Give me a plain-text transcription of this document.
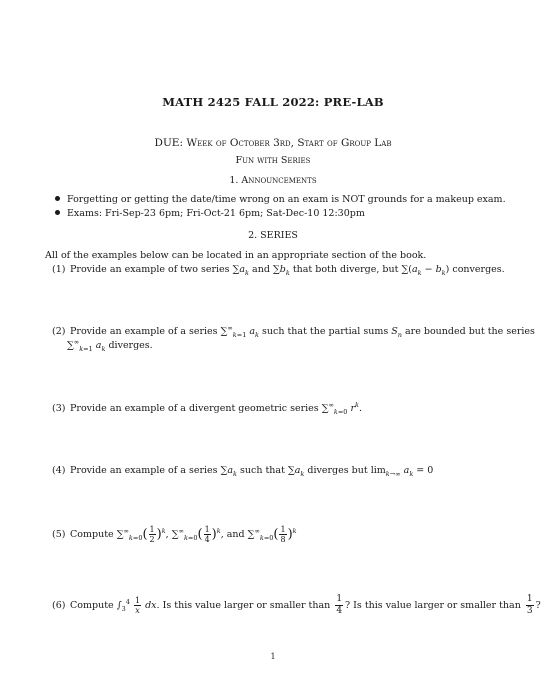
MATH 2425 FALL 2022: PRE-LAB
DUE: Week of October 3rd, Start of Group Lab
Fun with Series
1. Announcements
Forgetting or getting the date/time wrong on an exam is NOT grounds for a makeup exam.
Exams: Fri-Sep-23 6pm; Fri-Oct-21 6pm; Sat-Dec-10 12:30pm
2. SERIES
All of the examples below can be located in an appropriate section of the book.
(1) Provide an example of two series $\sum a_k$ and $\sum b_k$ that both diverge, but $\sum(a_k - b_k)$ converges.
(2) Provide an example of a series $\sum^\infty_{k=1}$ $a_k$ such that the partial sums $S_n$ are bounded but the series
$\sum^\infty_{k=1}$ $a_k$ diverges.
(3) Provide an example of a divergent geometric series $\sum^\infty_{k=0}$ $r^k$.
(4) Provide an example of a series $\sum a_k$ such that $\sum a_k$ diverges but $\lim_{k\to\infty} a_k = 0$
(5) Compute $\sum^\infty_{k=0}( \frac{1}{2} )^k$, $\sum^\infty_{k=0}( \frac{1}{4} )^k$, and $\sum^\infty_{k=0}( \frac{1}{8} )^k$
(6) Compute $\int_3^4 \frac{1}{x}$ dx. Is this value larger or smaller than $\frac{1}{4}$ ? Is this value larger or smaller than $\frac{1}{3}$ ?
1
